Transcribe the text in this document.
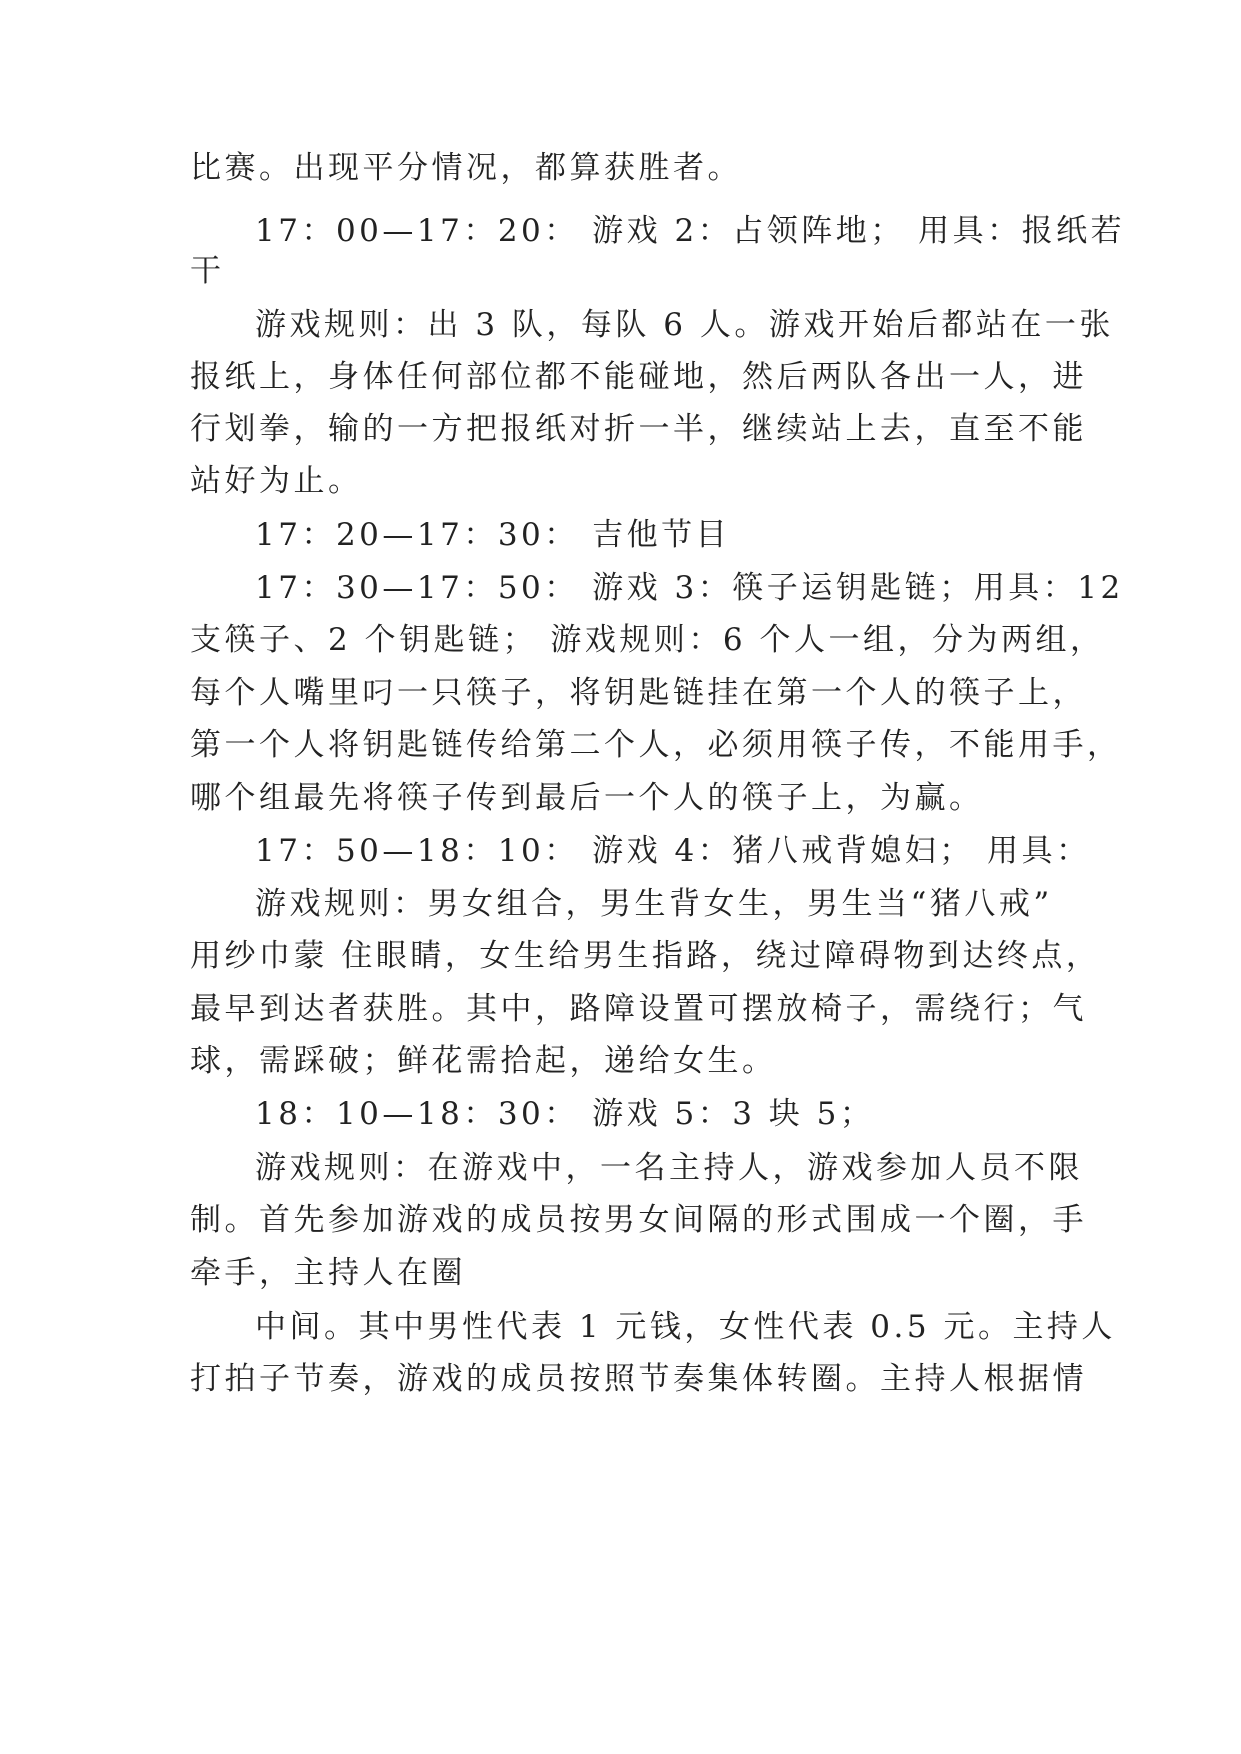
比赛。出现平分情况，都算获胜者。
17：00—17：20： 游戏 2：占领阵地； 用具：报纸若
干
游戏规则：出 3 队，每队 6 人。游戏开始后都站在一张
报纸上，身体任何部位都不能碰地，然后两队各出一人，进
行划拳，输的一方把报纸对折一半，继续站上去，直至不能
站好为止。
17：20—17：30： 吉他节目
17：30—17：50： 游戏 3：筷子运钥匙链；用具：12
支筷子、2 个钥匙链； 游戏规则：6 个人一组，分为两组，
每个人嘴里叼一只筷子，将钥匙链挂在第一个人的筷子上，
第一个人将钥匙链传给第二个人，必须用筷子传，不能用手，
哪个组最先将筷子传到最后一个人的筷子上，为赢。
17：50—18：10： 游戏 4：猪八戒背媳妇； 用具：
游戏规则：男女组合，男生背女生，男生当“猪八戒”
用纱巾蒙 住眼睛，女生给男生指路，绕过障碍物到达终点，
最早到达者获胜。其中，路障设置可摆放椅子，需绕行；气
球，需踩破；鲜花需拾起，递给女生。
18：10—18：30： 游戏 5：3 块 5；
游戏规则：在游戏中，一名主持人，游戏参加人员不限
制。首先参加游戏的成员按男女间隔的形式围成一个圈，手
牵手，主持人在圈
中间。其中男性代表 1 元钱，女性代表 0.5 元。主持人
打拍子节奏，游戏的成员按照节奏集体转圈。主持人根据情
